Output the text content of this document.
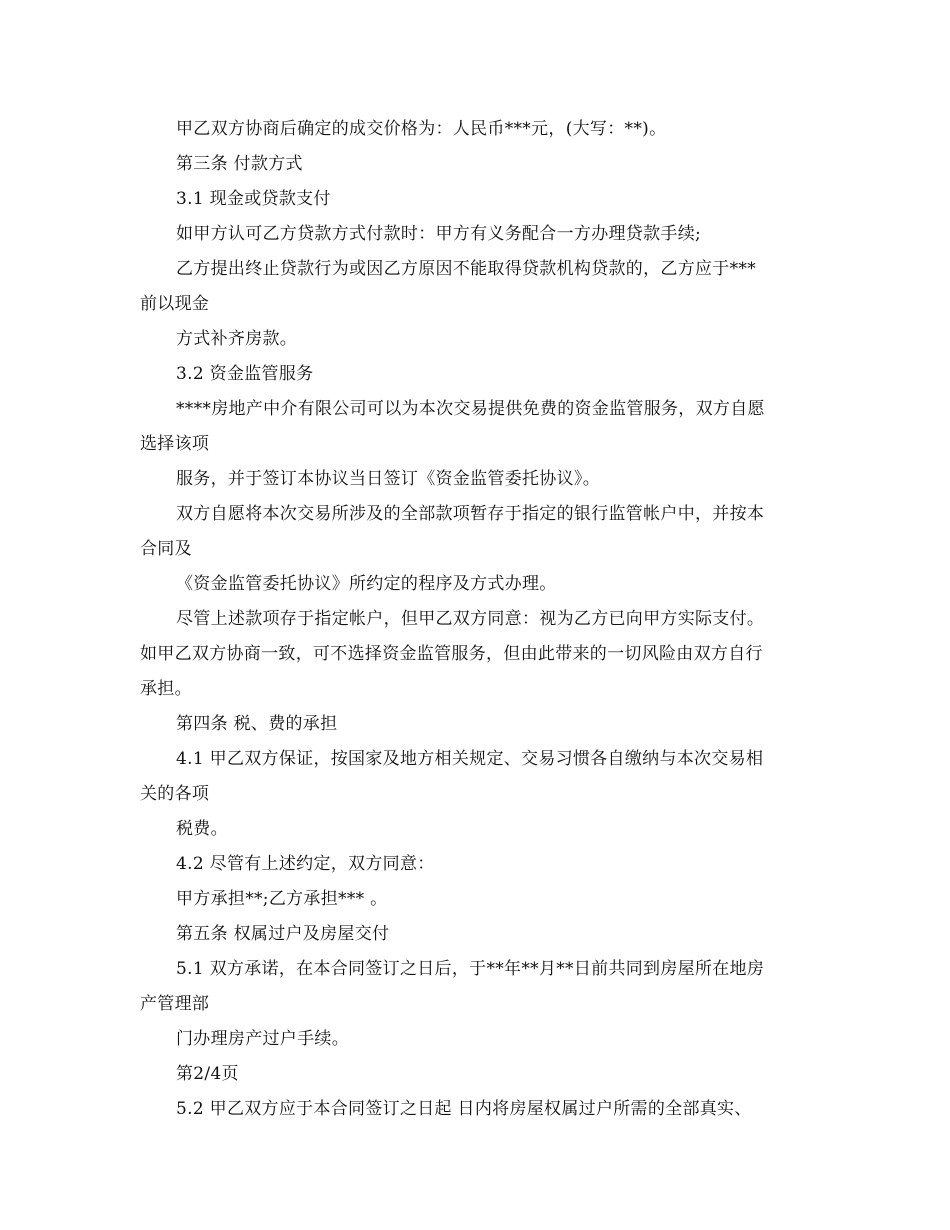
甲乙双方协商后确定的成交价格为：人民币***元，(大写：**)。
第三条 付款方式
3.1 现金或贷款支付
如甲方认可乙方贷款方式付款时：甲方有义务配合一方办理贷款手续;
乙方提出终止贷款行为或因乙方原因不能取得贷款机构贷款的，乙方应于***
前以现金
方式补齐房款。
3.2 资金监管服务
****房地产中介有限公司可以为本次交易提供免费的资金监管服务，双方自愿
选择该项
服务，并于签订本协议当日签订《资金监管委托协议》。
双方自愿将本次交易所涉及的全部款项暂存于指定的银行监管帐户中，并按本
合同及
《资金监管委托协议》所约定的程序及方式办理。
尽管上述款项存于指定帐户，但甲乙双方同意：视为乙方已向甲方实际支付。
如甲乙双方协商一致，可不选择资金监管服务，但由此带来的一切风险由双方自行
承担。
第四条 税、费的承担
4.1 甲乙双方保证，按国家及地方相关规定、交易习惯各自缴纳与本次交易相
关的各项
税费。
4.2 尽管有上述约定，双方同意：
甲方承担**;乙方承担*** 。
第五条 权属过户及房屋交付
5.1 双方承诺，在本合同签订之日后，于**年**月**日前共同到房屋所在地房
产管理部
门办理房产过户手续。
第2/4页
5.2 甲乙双方应于本合同签订之日起 日内将房屋权属过户所需的全部真实、
